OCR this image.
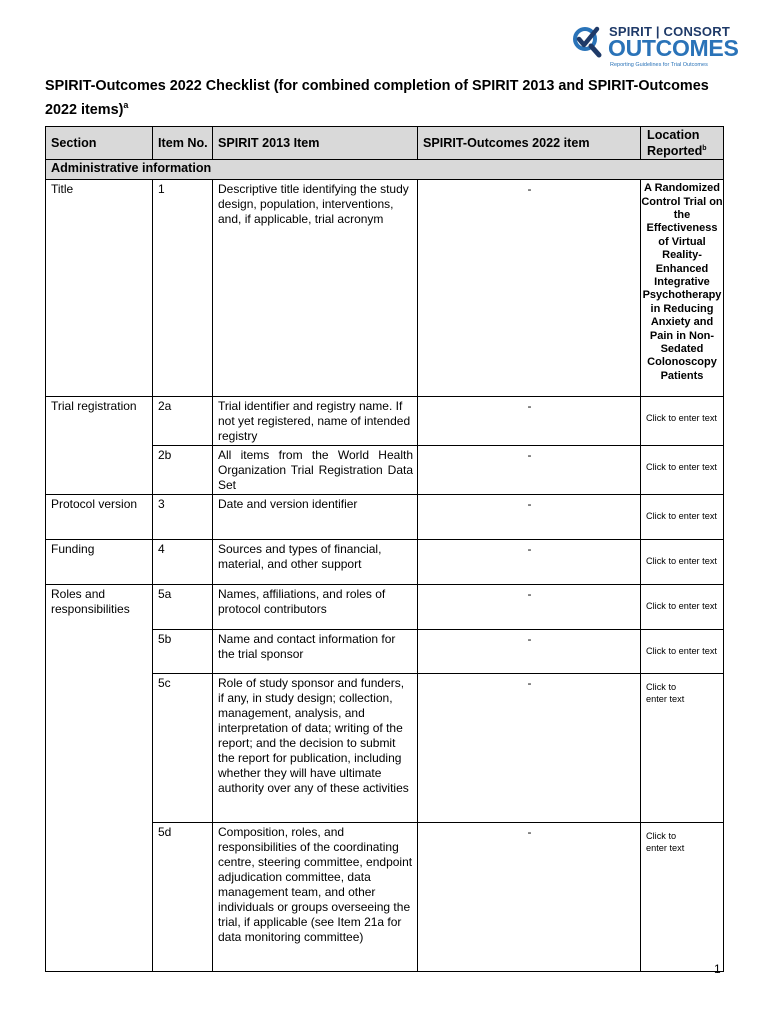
SPIRIT | CONSORT
OUTCOMES
Reporting Guidelines for Trial Outcomes
SPIRIT-Outcomes 2022 Checklist (for combined completion of SPIRIT 2013 and SPIRIT-Outcomes 2022 items)$^a$
Section	Item No.	SPIRIT 2013 Item	SPIRIT-Outcomes 2022 item	Location Reported$^b$
Administrative information				
Title	1	Descriptive title identifying the study design, population, interventions, and, if applicable, trial acronym	-	A Randomized Control Trial on the Effectiveness of Virtual Reality-Enhanced Integrative Psychotherapy in Reducing Anxiety and Pain in Non-Sedated Colonoscopy Patients
Trial registration	2a	Trial identifier and registry name. If not yet registered, name of intended registry	-	Click to enter text

	2b	All items from the World Health Organization Trial Registration Data Set	-	Click to enter text

Protocol version	3	Date and version identifier	-	Click to enter text

Funding	4	Sources and types of financial, material, and other support	-	Click to enter text

Roles and responsibilities	5a	Names, affiliations, and roles of protocol contributors	-	Click to enter text

	5b	Name and contact information for the trial sponsor	-	Click to enter text

	5c	Role of study sponsor and funders, if any, in study design; collection, management, analysis, and interpretation of data; writing of the report; and the decision to submit the report for publication, including whether they will have ultimate authority over any of these activities	-	Click to enter text

	5d	Composition, roles, and responsibilities of the coordinating centre, steering committee, endpoint adjudication committee, data management team, and other individuals or groups overseeing the trial, if applicable (see Item 21a for data monitoring committee)	-	Click to enter text
1
